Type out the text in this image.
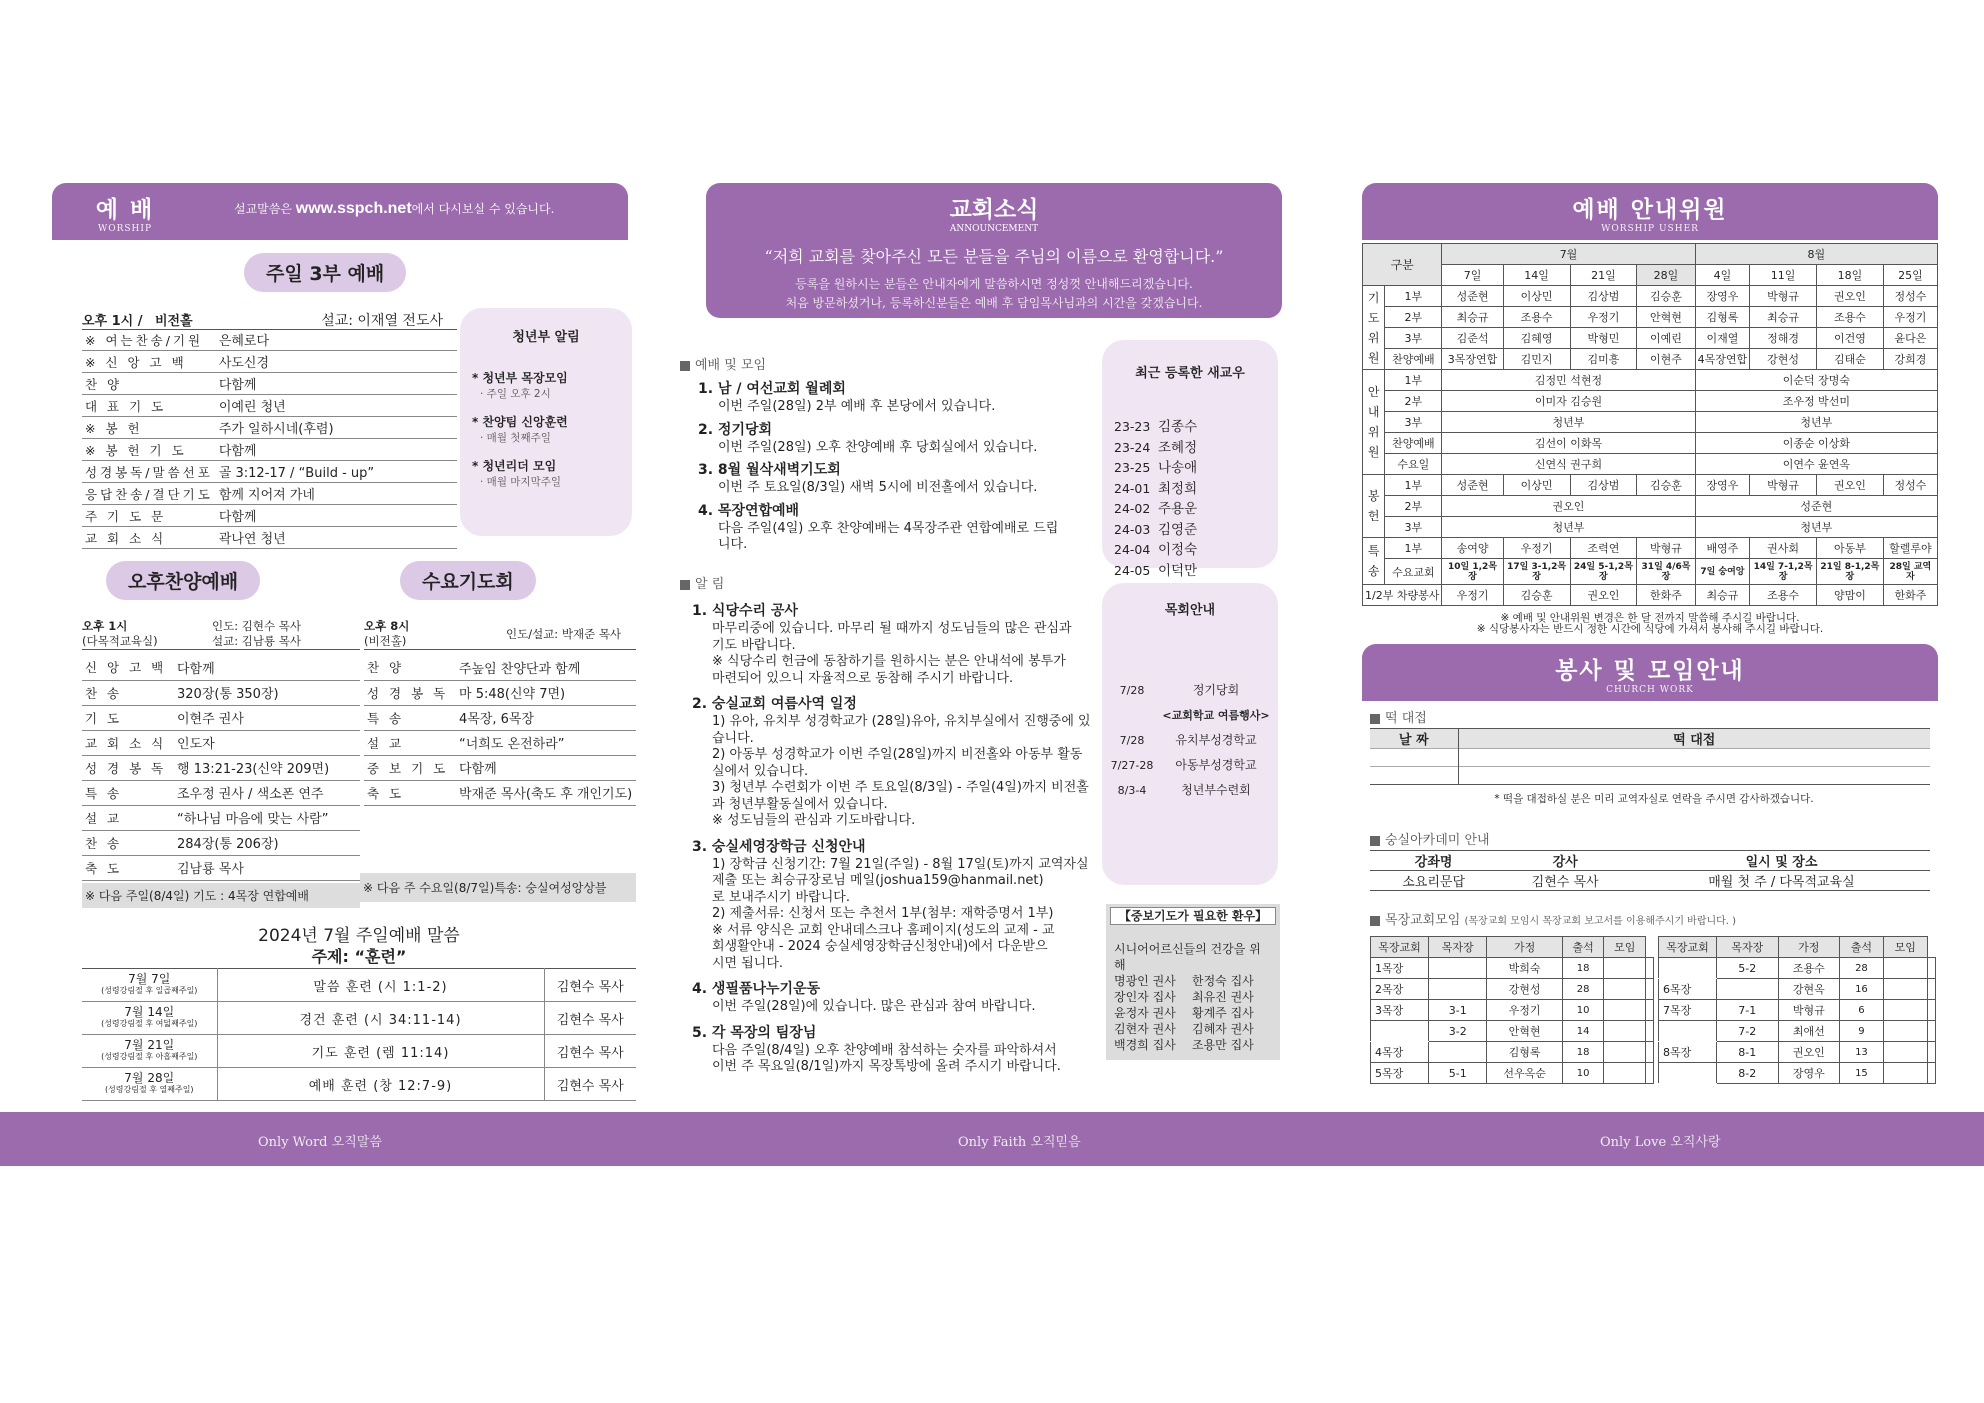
예 배
WORSHIP
설교말씀은 www.sspch.net에서 다시보실 수 있습니다.
주일 3부 예배
오후 1시 / 비전홀	설교: 이재열 전도사
※ 여는찬송/기원	은혜로다
※ 신 앙 고 백	사도신경
찬 양	다함께
대 표 기 도	이예린 청년
※ 봉 헌	주가 일하시네(후렴)
※ 봉 헌 기 도	다함께
성경봉독/말씀선포	골 3:12-17 / “Build - up”
응답찬송/결단기도	함께 지어져 가네
주 기 도 문	다함께
교 회 소 식	곽나연 청년
청년부 알림
* 청년부 목장모임
· 주일 오후 2시
* 찬양팀 신앙훈련
· 매월 첫째주일
* 청년리더 모임
· 매월 마지막주일
오후찬양예배	수요기도회
오후 1시	인도: 김현수 목사
(다목적교육실)	설교: 김남룡 목사
신 앙 고 백	다함께
찬 송	320장(통 350장)
기 도	이현주 권사
교 회 소 식	인도자
성 경 봉 독	행 13:21-23(신약 209면)
특 송	조우정 권사 / 색소폰 연주
설 교	“하나님 마음에 맞는 사람”
찬 송	284장(통 206장)
축 도	김남룡 목사
오후 8시
인도/설교: 박재준 목사
(비전홀)
찬 양	주높임 찬양단과 함께
성 경 봉 독	마 5:48(신약 7면)
특 송	4목장, 6목장
설 교	“너희도 온전하라”
중 보 기 도	다함께
축 도	박재준 목사(축도 후 개인기도)
※ 다음 주일(8/4일) 기도 : 4목장 연합예배
※ 다음 주 수요일(8/7일)특송: 숭실여성앙상블
2024년 7월 주일예배 말씀
주제: “훈련”
7월 7일
(성령강림절 후 일곱째주일)	말씀 훈련 (시 1:1-2)	김현수 목사

7월 14일
(성령강림절 후 여덟째주일)	경건 훈련 (시 34:11-14)	김현수 목사

7월 21일
(성령강림절 후 아홉째주일)	기도 훈련 (렘 11:14)	김현수 목사

7월 28일
(성령강림절 후 열째주일)	예배 훈련 (창 12:7-9)	김현수 목사
교회소식
ANNOUNCEMENT
“저희 교회를 찾아주신 모든 분들을 주님의 이름으로 환영합니다.”
등록을 원하시는 분들은 안내자에게 말씀하시면 정성껏 안내해드리겠습니다.
처음 방문하셨거나, 등록하신분들은 예배 후 담임목사님과의 시간을 갖겠습니다.
예배 및 모임
1. 남 / 여선교회 월례회
이번 주일(28일) 2부 예배 후 본당에서 있습니다.
2. 정기당회
이번 주일(28일) 오후 찬양예배 후 당회실에서 있습니다.
3. 8월 월삭새벽기도회
이번 주 토요일(8/3일) 새벽 5시에 비전홀에서 있습니다.
4. 목장연합예배
다음 주일(4일) 오후 찬양예배는 4목장주관 연합예배로 드립
니다.
알 림
1. 식당수리 공사
마무리중에 있습니다. 마무리 될 때까지 성도님들의 많은 관심과
기도 바랍니다.
※ 식당수리 헌금에 동참하기를 원하시는 분은 안내석에 봉투가
마련되어 있으니 자율적으로 동참해 주시기 바랍니다.
2. 숭실교회 여름사역 일정
1) 유아, 유치부 성경학교가 (28일)유아, 유치부실에서 진행중에 있
습니다.
2) 아동부 성경학교가 이번 주일(28일)까지 비전홀와 아동부 활동
실에서 있습니다.
3) 청년부 수련회가 이번 주 토요일(8/3일) - 주일(4일)까지 비전홀
과 청년부활동실에서 있습니다.
※ 성도님들의 관심과 기도바랍니다.
3. 숭실세영장학금 신청안내
1) 장학금 신청기간: 7월 21일(주일) - 8월 17일(토)까지 교역자실
제출 또는 최승규장로님 메일(joshua159@hanmail.net)
로 보내주시기 바랍니다.
2) 제출서류: 신청서 또는 추천서 1부(첨부: 재학증명서 1부)
※ 서류 양식은 교회 안내데스크나 홈페이지(성도의 교제 - 교
회생활안내 - 2024 숭실세영장학금신청안내)에서 다운받으
시면 됩니다.
4. 생필품나누기운동
이번 주일(28일)에 있습니다. 많은 관심과 참여 바랍니다.
5. 각 목장의 팀장님
다음 주일(8/4일) 오후 찬양예배 참석하는 숫자를 파악하셔서
이번 주 목요일(8/1일)까지 목장톡방에 올려 주시기 바랍니다.
최근 등록한 새교우
23-23 김종수
23-24 조혜정
23-25 나송애
24-01 최정희
24-02 주용운
24-03 김영준
24-04 이정숙
24-05 이덕만
목회안내
7/28	정기당회
<교회학교 여름행사>
7/28	유치부성경학교
7/27-28 아동부성경학교
8/3-4	청년부수련회
【중보기도가 필요한 환우】
시니어어르신들의 건강을 위해
명광인 권사 한정숙 집사
장인자 집사 최유진 권사
윤정자 권사 황계주 집사
김현자 권사 김혜자 권사
백경희 집사 조용만 집사
예배 안내위원
WORSHIP USHER
구분		7월				8월			
		7일	14일	21일	28일	4일	11일	18일	25일
기도위원	1부	성준현	이상민	김상범	김승훈	장영우	박형규	권오인	정성수
	2부	최승규	조용수	우정기	안혁현	김형록	최승규	조용수	우정기
	3부	김준석	김혜영	박형민	이예린	이재열	정해경	이건영	윤다은
	찬양예배	3목장연합	김민지	김미흥	이현주	4목장연합	강현성	김태순	강희경
안내위원	1부	김정민 석현정				이순덕 장명숙			
	2부	이미자 김승원				조우정 박선미			
	3부	청년부				청년부			
	찬양예배	김선이 이화목				이종순 이상화			
	수요일	신연식 권구희				이연수 윤연옥			
봉헌	1부	성준현	이상민	김상범	김승훈	장영우	박형규	권오인	정성수
	2부	권오인				성준현			
	3부	청년부				청년부			
특송	1부	송여양	우정기	조력연	박형규	배영주	권사회	아동부	할렐루야
	수요교회	10일 1,2목장	17일 3-1,2목장	24일 5-1,2목장	31일 4/6목장	7일 숭여앙	14일 7-1,2목장	21일 8-1,2목장	28일 교역자
1/2부 차량봉사		우정기	김승훈	권오인	한화주	최승규	조용수	양맘이	한화주
※ 예배 및 안내위원 변경은 한 달 전까지 말씀해 주시길 바랍니다.
※ 식당봉사자는 반드시 정한 시간에 식당에 가셔서 봉사해 주시길 바랍니다.
봉사 및 모임안내
CHURCH WORK
떡 대접
날 짜	떡 대접

* 떡을 대접하실 분은 미리 교역자실로 연락을 주시면 감사하겠습니다.
숭실아카데미 안내
강좌명	강사	일시 및 장소
소요리문답	김현수 목사	매월 첫 주 / 다목적교육실
목장교회모임 (목장교회 모임시 목장교회 보고서를 이용해주시기 바랍니다. )
목장교회	목자장	가정	출석	모임	
1목장		박희숙	18		
2목장		강현성	28		
3목장	3-1	우정기	10		
	3-2	안혁현	14		
4목장		김형록	18		
5목장	5-1	선우옥순	10		
목장교회	목자장	가정	출석	모임	
	5-2	조용수	28		
6목장		강현옥	16		
7목장	7-1	박형규	6		
	7-2	최애선	9		
8목장	8-1	권오인	13		
	8-2	장영우	15		
Only Word 오직말씀	Only Faith 오직믿음	Only Love 오직사랑
